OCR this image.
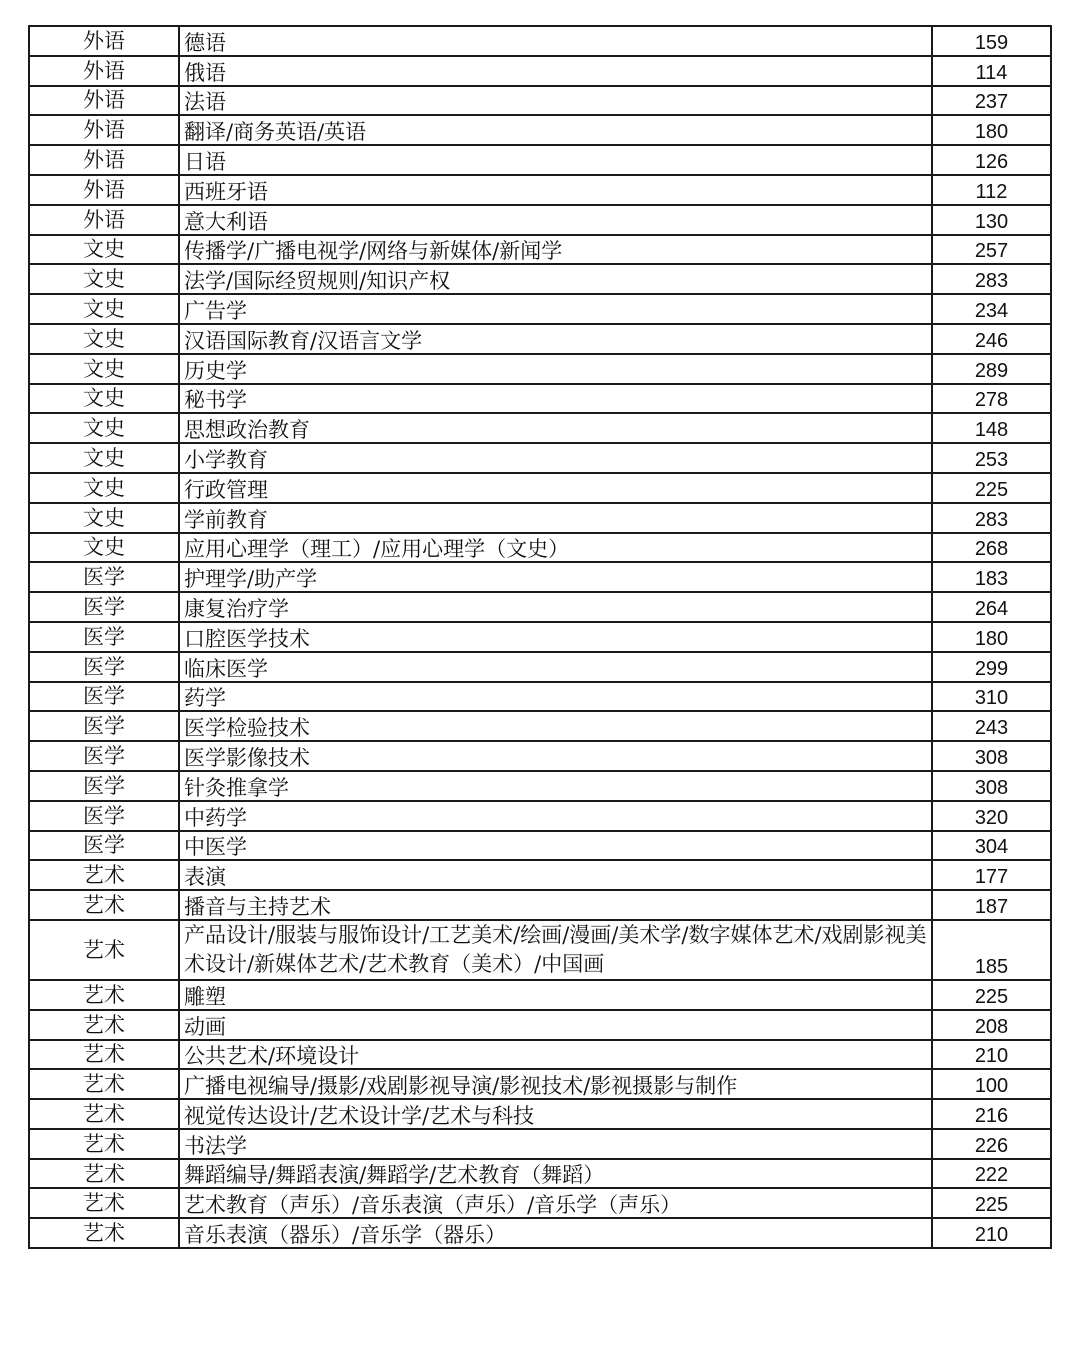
外语	德语	159
外语	俄语	114
外语	法语	237
外语	翻译/商务英语/英语	180
外语	日语	126
外语	西班牙语	112
外语	意大利语	130
文史	传播学/广播电视学/网络与新媒体/新闻学	257
文史	法学/国际经贸规则/知识产权	283
文史	广告学	234
文史	汉语国际教育/汉语言文学	246
文史	历史学	289
文史	秘书学	278
文史	思想政治教育	148
文史	小学教育	253
文史	行政管理	225
文史	学前教育	283
文史	应用心理学（理工）/应用心理学（文史）	268
医学	护理学/助产学	183
医学	康复治疗学	264
医学	口腔医学技术	180
医学	临床医学	299
医学	药学	310
医学	医学检验技术	243
医学	医学影像技术	308
医学	针灸推拿学	308
医学	中药学	320
医学	中医学	304
艺术	表演	177
艺术	播音与主持艺术	187
艺术	产品设计/服装与服饰设计/工艺美术/绘画/漫画/美术学/数字媒体艺术/戏剧影视美术设计/新媒体艺术/艺术教育（美术）/中国画	185
艺术	雕塑	225
艺术	动画	208
艺术	公共艺术/环境设计	210
艺术	广播电视编导/摄影/戏剧影视导演/影视技术/影视摄影与制作	100
艺术	视觉传达设计/艺术设计学/艺术与科技	216
艺术	书法学	226
艺术	舞蹈编导/舞蹈表演/舞蹈学/艺术教育（舞蹈）	222
艺术	艺术教育（声乐）/音乐表演（声乐）/音乐学（声乐）	225
艺术	音乐表演（器乐）/音乐学（器乐）	210
